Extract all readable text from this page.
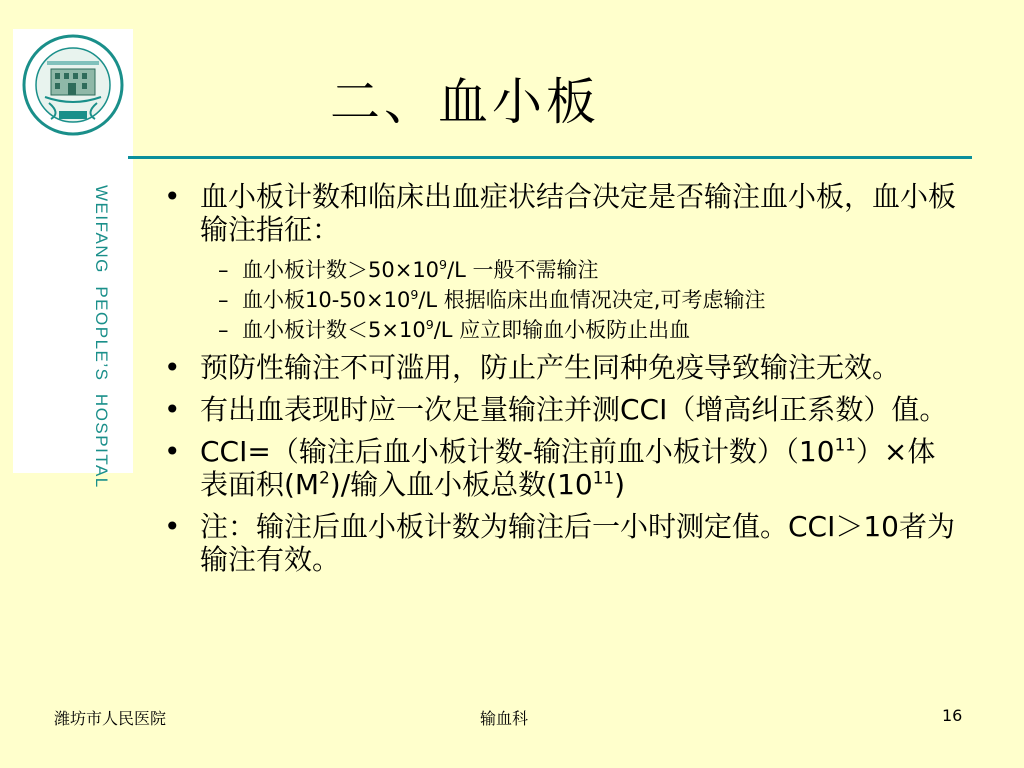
WEIFANG  PEOPLE’S  HOSPITAL
二、血小板
• 血小板计数和临床出血症状结合决定是否输注血小板，血小板输注指征：
– 血小板计数$>50\times 10^9/L$ 一般不需输注
– 血小板$10-50\times 10^9/L$ 根据临床出血情况决定,可考虑输注
– 血小板计数$<5\times 10^9/L$ 应立即输血小板防止出血
• 预防性输注不可滥用，防止产生同种免疫导致输注无效。
• 有出血表现时应一次足量输注并测CCI（增高纠正系数）值。
• CCI=（输注后血小板计数-输注前血小板计数）$(10^{11})\times$体表面积$(M^2)/$输入血小板总数$(10^{11})$
• 注：输注后血小板计数为输注后一小时测定值。CCI＞10者为输注有效。
潍坊市人民医院	输血科	16
